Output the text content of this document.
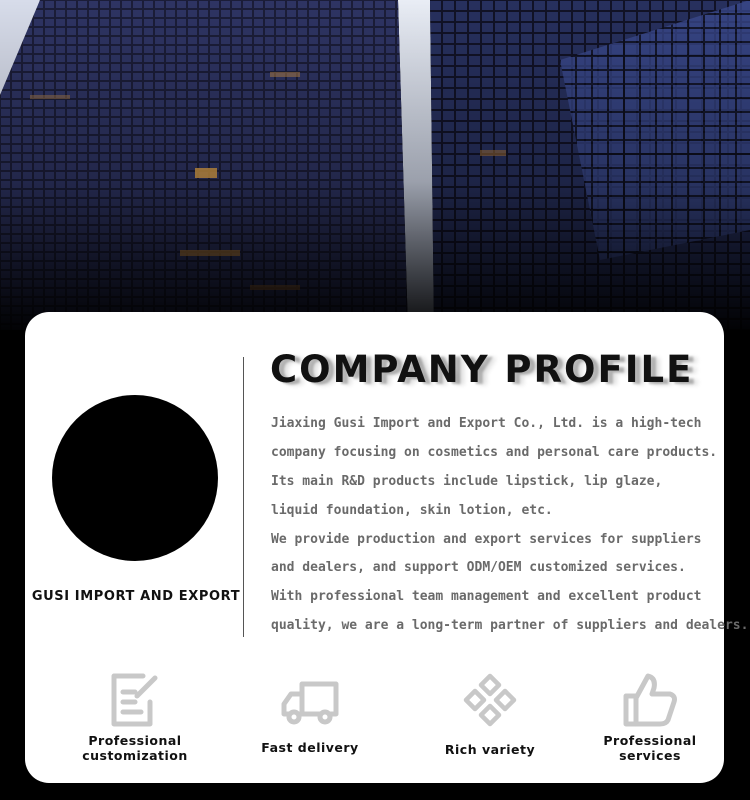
GUSI IMPORT AND EXPORT
COMPANY PROFILE
Jiaxing Gusi Import and Export Co., Ltd. is a high-tech
company focusing on cosmetics and personal care products.
Its main R&D products include lipstick, lip glaze,
liquid foundation, skin lotion, etc.
We provide production and export services for suppliers
and dealers, and support ODM/OEM customized services.
With professional team management and excellent product
quality, we are a long-term partner of suppliers and dealers.
Professional
customization
Fast delivery	Rich variety
Professional
services
